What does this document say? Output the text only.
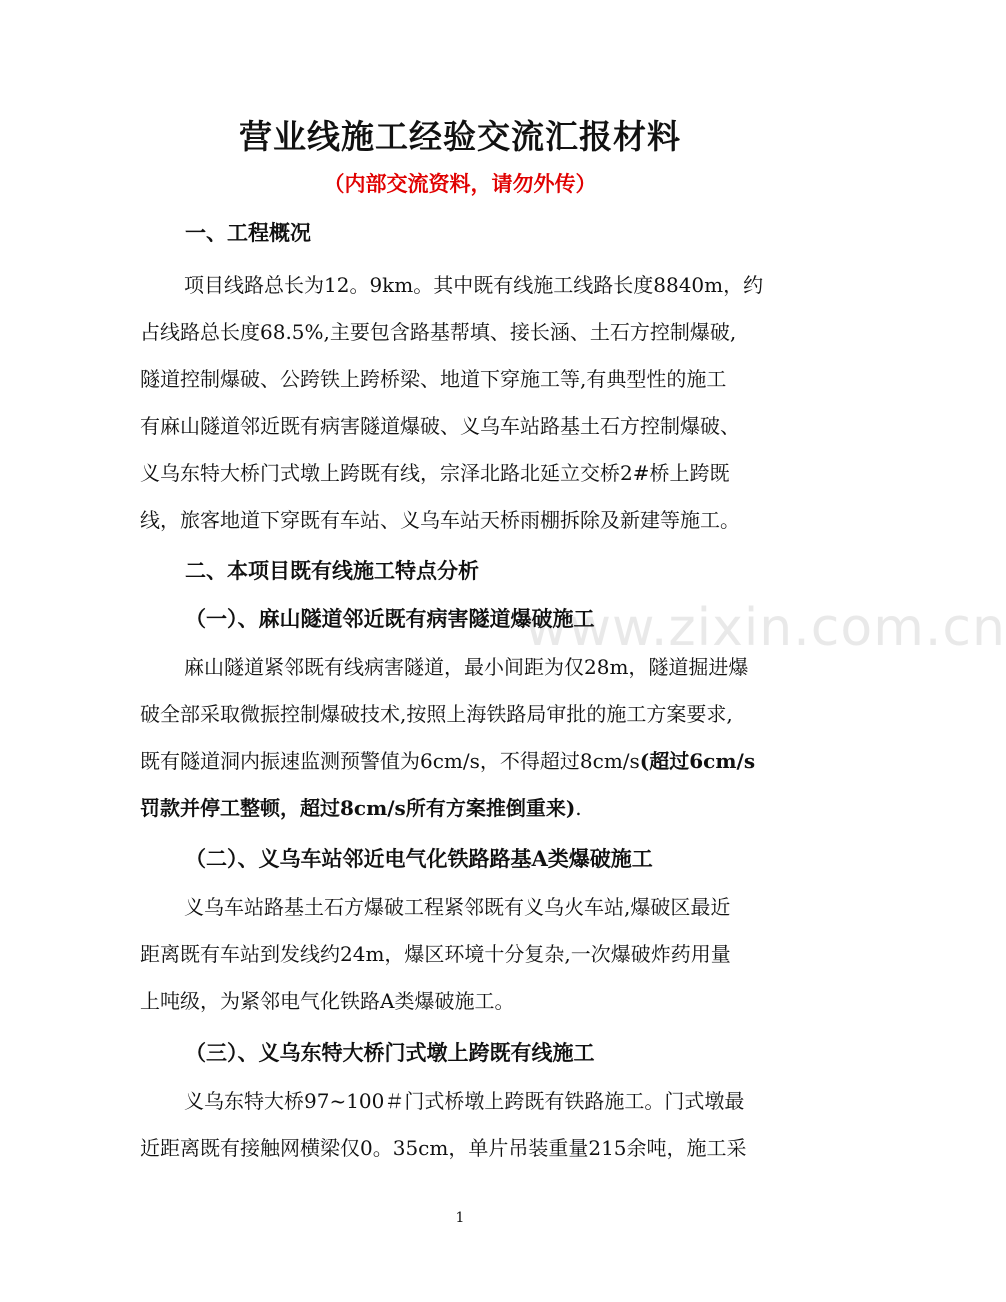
www.zixin.com.cn
营业线施工经验交流汇报材料
（内部交流资料，请勿外传）
一、工程概况
项目线路总长为12。9km。其中既有线施工线路长度8840m，约
占线路总长度68.5%,主要包含路基帮填、接长涵、土石方控制爆破,
隧道控制爆破、公跨铁上跨桥梁、地道下穿施工等,有典型性的施工
有麻山隧道邻近既有病害隧道爆破、义乌车站路基土石方控制爆破、
义乌东特大桥门式墩上跨既有线，宗泽北路北延立交桥2#桥上跨既
线，旅客地道下穿既有车站、义乌车站天桥雨棚拆除及新建等施工。
二、本项目既有线施工特点分析
（一）、麻山隧道邻近既有病害隧道爆破施工
麻山隧道紧邻既有线病害隧道，最小间距为仅28m，隧道掘进爆
破全部采取微振控制爆破技术,按照上海铁路局审批的施工方案要求,
既有隧道洞内振速监测预警值为6cm/s，不得超过8cm/s(超过6cm/s
罚款并停工整顿，超过8cm/s所有方案推倒重来).
（二）、义乌车站邻近电气化铁路路基A类爆破施工
义乌车站路基土石方爆破工程紧邻既有义乌火车站,爆破区最近
距离既有车站到发线约24m，爆区环境十分复杂,一次爆破炸药用量
上吨级，为紧邻电气化铁路A类爆破施工。
（三）、义乌东特大桥门式墩上跨既有线施工
义乌东特大桥97~100＃门式桥墩上跨既有铁路施工。门式墩最
近距离既有接触网横梁仅0。35cm，单片吊装重量215余吨，施工采
1
